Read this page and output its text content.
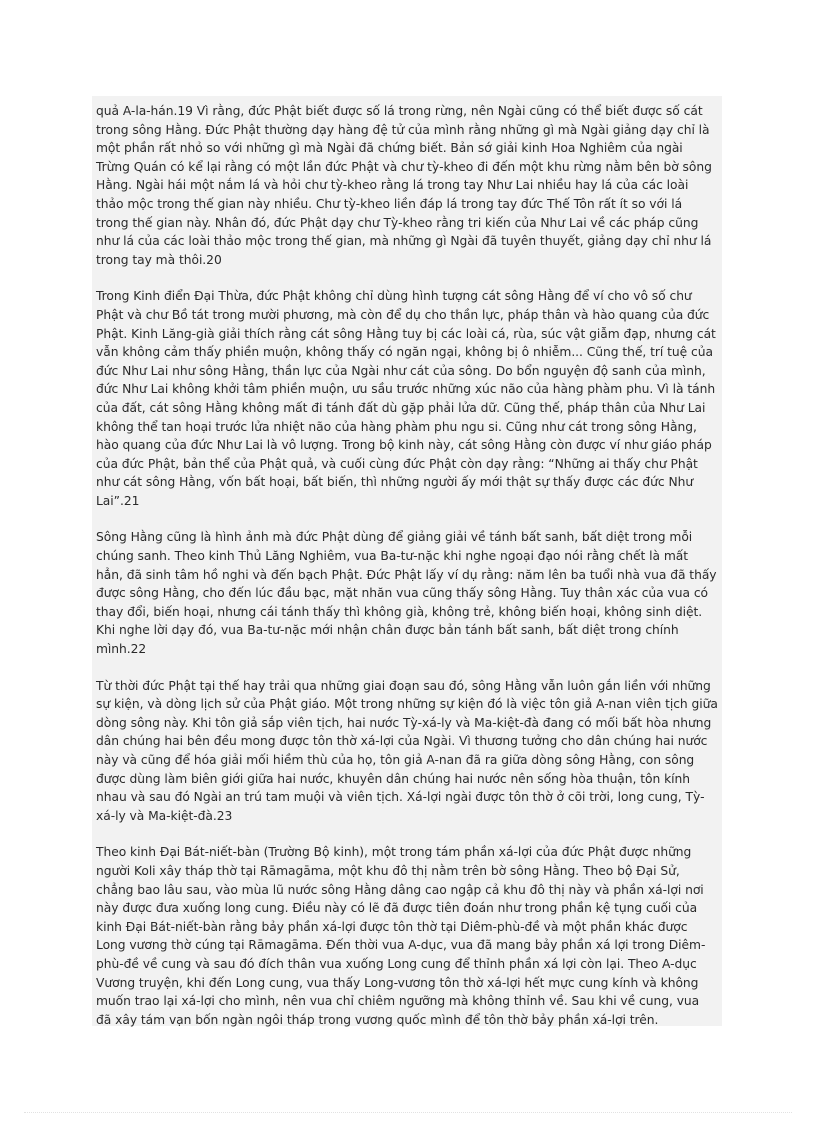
quả A-la-hán.19 Vì rằng, đức Phật biết được số lá trong rừng, nên Ngài cũng có thể biết được số cát trong sông Hằng. Đức Phật thường dạy hàng đệ tử của mình rằng những gì mà Ngài giảng dạy chỉ là một phần rất nhỏ so với những gì mà Ngài đã chứng biết. Bản sớ giải kinh Hoa Nghiêm của ngài Trừng Quán có kể lại rằng có một lần đức Phật và chư tỳ-kheo đi đến một khu rừng nằm bên bờ sông Hằng. Ngài hái một nắm lá và hỏi chư tỳ-kheo rằng lá trong tay Như Lai nhiều hay lá của các loài thảo mộc trong thế gian này nhiều. Chư tỳ-kheo liền đáp lá trong tay đức Thế Tôn rất ít so với lá trong thế gian này. Nhân đó, đức Phật dạy chư Tỳ-kheo rằng tri kiến của Như Lai về các pháp cũng như lá của các loài thảo mộc trong thế gian, mà những gì Ngài đã tuyên thuyết, giảng dạy chỉ như lá trong tay mà thôi.20

Trong Kinh điển Đại Thừa, đức Phật không chỉ dùng hình tượng cát sông Hằng để ví cho vô số chư Phật và chư Bồ tát trong mười phương, mà còn để dụ cho thần lực, pháp thân và hào quang của đức Phật. Kinh Lăng-già giải thích rằng cát sông Hằng tuy bị các loài cá, rùa, súc vật giẫm đạp, nhưng cát vẫn không cảm thấy phiền muộn, không thấy có ngăn ngại, không bị ô nhiễm... Cũng thế, trí tuệ của đức Như Lai như sông Hằng, thần lực của Ngài như cát của sông. Do bổn nguyện độ sanh của mình, đức Như Lai không khởi tâm phiền muộn, ưu sầu trước những xúc não của hàng phàm phu. Vì là tánh của đất, cát sông Hằng không mất đi tánh đất dù gặp phải lửa dữ. Cũng thế, pháp thân của Như Lai không thể tan hoại trước lửa nhiệt não của hàng phàm phu ngu si. Cũng như cát trong sông Hằng, hào quang của đức Như Lai là vô lượng. Trong bộ kinh này, cát sông Hằng còn được ví như giáo pháp của đức Phật, bản thể của Phật quả, và cuối cùng đức Phật còn dạy rằng: “Những ai thấy chư Phật như cát sông Hằng, vốn bất hoại, bất biến, thì những người ấy mới thật sự thấy được các đức Như Lai”.21

Sông Hằng cũng là hình ảnh mà đức Phật dùng để giảng giải về tánh bất sanh, bất diệt trong mỗi chúng sanh. Theo kinh Thủ Lăng Nghiêm, vua Ba-tư-nặc khi nghe ngoại đạo nói rằng chết là mất hẳn, đã sinh tâm hồ nghi và đến bạch Phật. Đức Phật lấy ví dụ rằng: năm lên ba tuổi nhà vua đã thấy được sông Hằng, cho đến lúc đầu bạc, mặt nhăn vua cũng thấy sông Hằng. Tuy thân xác của vua có thay đổi, biến hoại, nhưng cái tánh thấy thì không già, không trẻ, không biến hoại, không sinh diệt. Khi nghe lời dạy đó, vua Ba-tư-nặc mới nhận chân được bản tánh bất sanh, bất diệt trong chính mình.22

Từ thời đức Phật tại thế hay trải qua những giai đoạn sau đó, sông Hằng vẫn luôn gắn liền với những sự kiện, và dòng lịch sử của Phật giáo. Một trong những sự kiện đó là việc tôn giả A-nan viên tịch giữa dòng sông này. Khi tôn giả sắp viên tịch, hai nước Tỳ-xá-ly và Ma-kiệt-đà đang có mối bất hòa nhưng dân chúng hai bên đều mong được tôn thờ xá-lợi của Ngài. Vì thương tưởng cho dân chúng hai nước này và cũng để hóa giải mối hiềm thù của họ, tôn giả A-nan đã ra giữa dòng sông Hằng, con sông được dùng làm biên giới giữa hai nước, khuyên dân chúng hai nước nên sống hòa thuận, tôn kính nhau và sau đó Ngài an trú tam muội và viên tịch. Xá-lợi ngài được tôn thờ ở cõi trời, long cung, Tỳ-xá-ly và Ma-kiệt-đà.23

Theo kinh Đại Bát-niết-bàn (Trường Bộ kinh), một trong tám phần xá-lợi của đức Phật được những người Koli xây tháp thờ tại Rāmagāma, một khu đô thị nằm trên bờ sông Hằng. Theo bộ Đại Sử, chẳng bao lâu sau, vào mùa lũ nước sông Hằng dâng cao ngập cả khu đô thị này và phần xá-lợi nơi này được đưa xuống long cung. Điều này có lẽ đã được tiên đoán như trong phần kệ tụng cuối của kinh Đại Bát-niết-bàn rằng bảy phần xá-lợi được tôn thờ tại Diêm-phù-đề và một phần khác được Long vương thờ cúng tại Rāmagāma. Đến thời vua A-dục, vua đã mang bảy phần xá lợi trong Diêm-phù-đề về cung và sau đó đích thân vua xuống Long cung để thỉnh phần xá lợi còn lại. Theo A-dục Vương truyện, khi đến Long cung, vua thấy Long-vương tôn thờ xá-lợi hết mực cung kính và không muốn trao lại xá-lợi cho mình, nên vua chỉ chiêm ngưỡng mà không thỉnh về. Sau khi về cung, vua đã xây tám vạn bốn ngàn ngôi tháp trong vương quốc mình để tôn thờ bảy phần xá-lợi trên.
